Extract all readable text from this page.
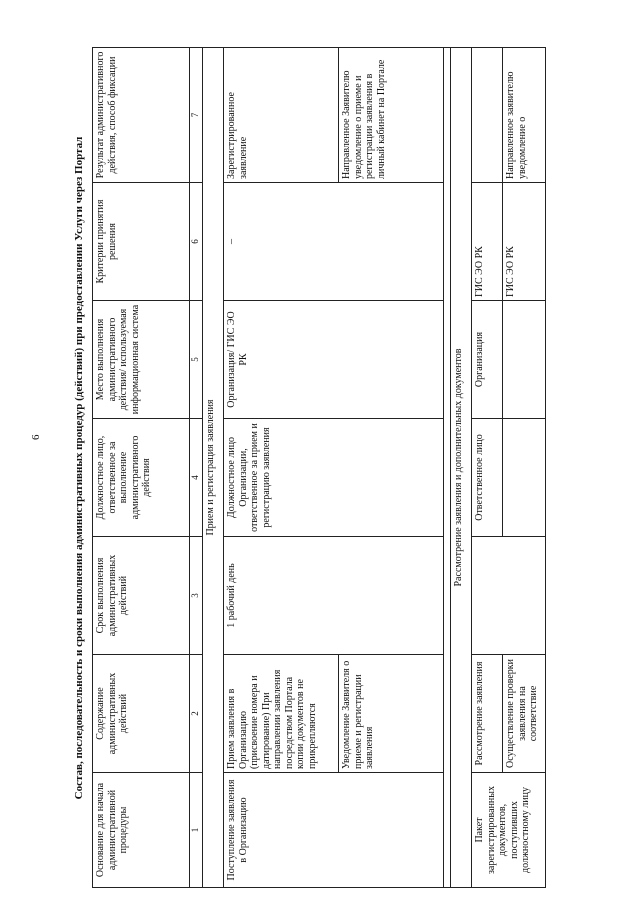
6	Состав, последовательность и сроки выполнения административных процедур (действий) при предоставлении Услуги через Портал
Основание для начала административной процедуры	Содержание административных действий	Срок выполнения административных действий	Должностное лицо, ответственное за выполнение административного действия	Место выполнения административного действия/ используемая информационная система	Критерии принятия решения	Результат административного действия, способ фиксации
1	2	3	4	5	6	7
Прием и регистрация заявления						
Поступление заявления в Организацию	Прием заявления в Организацию (присвоение номера и датирование) При направлении заявления посредством Портала копии документов не прикрепляются	1 рабочий день	Должностное лицо Организации, ответственное за прием и регистрацию заявления	Организация/ ГИС ЭО РК	–	Зарегистрированное заявление
	Уведомление Заявителя о приеме и регистрации заявления					Направленное Заявителю уведомление о приеме и регистрации заявления в личный кабинет на Портале

Рассмотрение заявления и дополнительных документов						
Пакет зарегистрированных документов, поступивших должностному лицу	Рассмотрение заявления		Ответственное лицо	Организация	ГИС ЭО РК	
	Осуществление проверки заявления на соответствие				ГИС ЭО РК	Направленное заявителю уведомление о
